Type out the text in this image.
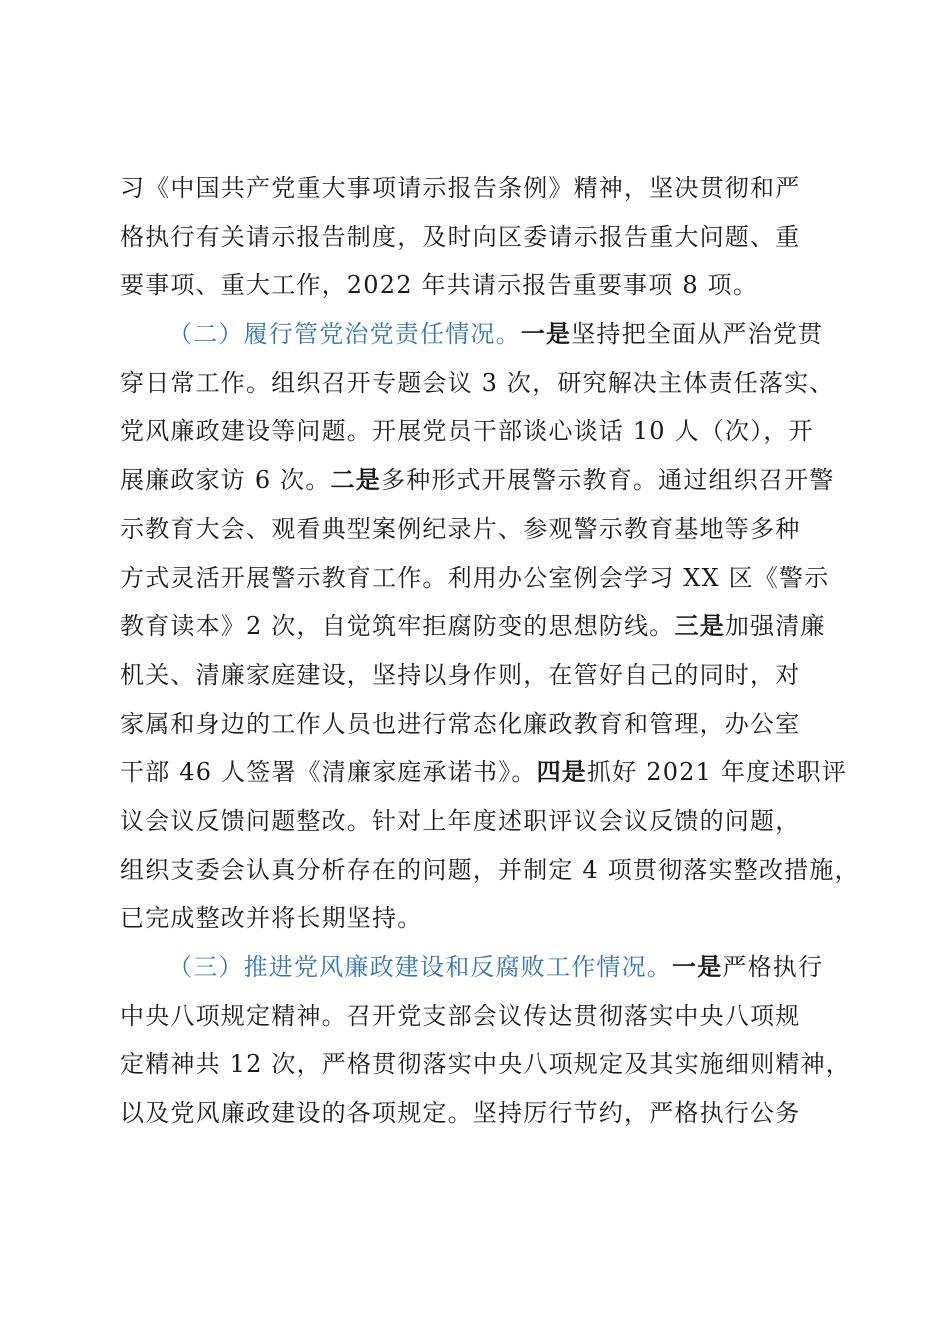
习《中国共产党重大事项请示报告条例》精神，坚决贯彻和严
格执行有关请示报告制度，及时向区委请示报告重大问题、重
要事项、重大工作，2022 年共请示报告重要事项 8 项。
（二）履行管党治党责任情况。一是坚持把全面从严治党贯
穿日常工作。组织召开专题会议 3 次，研究解决主体责任落实、
党风廉政建设等问题。开展党员干部谈心谈话 10 人（次），开
展廉政家访 6 次。二是多种形式开展警示教育。通过组织召开警
示教育大会、观看典型案例纪录片、参观警示教育基地等多种
方式灵活开展警示教育工作。利用办公室例会学习 XX 区《警示
教育读本》2 次，自觉筑牢拒腐防变的思想防线。三是加强清廉
机关、清廉家庭建设，坚持以身作则，在管好自己的同时，对
家属和身边的工作人员也进行常态化廉政教育和管理，办公室
干部 46 人签署《清廉家庭承诺书》。四是抓好 2021 年度述职评
议会议反馈问题整改。针对上年度述职评议会议反馈的问题，
组织支委会认真分析存在的问题，并制定 4 项贯彻落实整改措施，
已完成整改并将长期坚持。
（三）推进党风廉政建设和反腐败工作情况。一是严格执行
中央八项规定精神。召开党支部会议传达贯彻落实中央八项规
定精神共 12 次，严格贯彻落实中央八项规定及其实施细则精神，
以及党风廉政建设的各项规定。坚持厉行节约，严格执行公务
